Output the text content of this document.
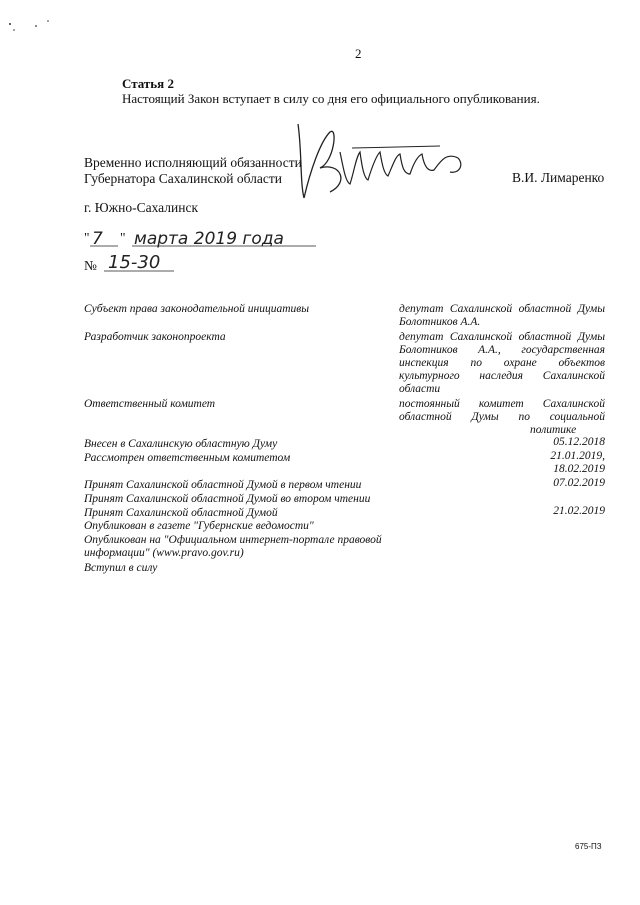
2
Статья 2
Настоящий Закон вступает в силу со дня его официального опубликования.
Временно исполняющий обязанности
Губернатора Сахалинской области	В.И. Лимаренко
г. Южно-Сахалинск
" 7 " марта 2019 года
№ 15-30
Субъект права законодательной инициативы	депутат Сахалинской областной Думы
Болотников А.А.
Разработчик законопроекта	депутат Сахалинской областной Думы
Болотников А.А., государственная
инспекция по охране объектов
культурного наследия Сахалинской
области
Ответственный комитет	постоянный комитет Сахалинской
областной Думы по социальной
политике
Внесен в Сахалинскую областную Думу	05.12.2018
Рассмотрен ответственным комитетом	21.01.2019,
18.02.2019
Принят Сахалинской областной Думой в первом чтении	07.02.2019
Принят Сахалинской областной Думой во втором чтении
Принят Сахалинской областной Думой	21.02.2019
Опубликован в газете "Губернские ведомости"
Опубликован на "Официальном интернет-портале правовой
информации" (www.pravo.gov.ru)
Вступил в силу
675-ПЗ
